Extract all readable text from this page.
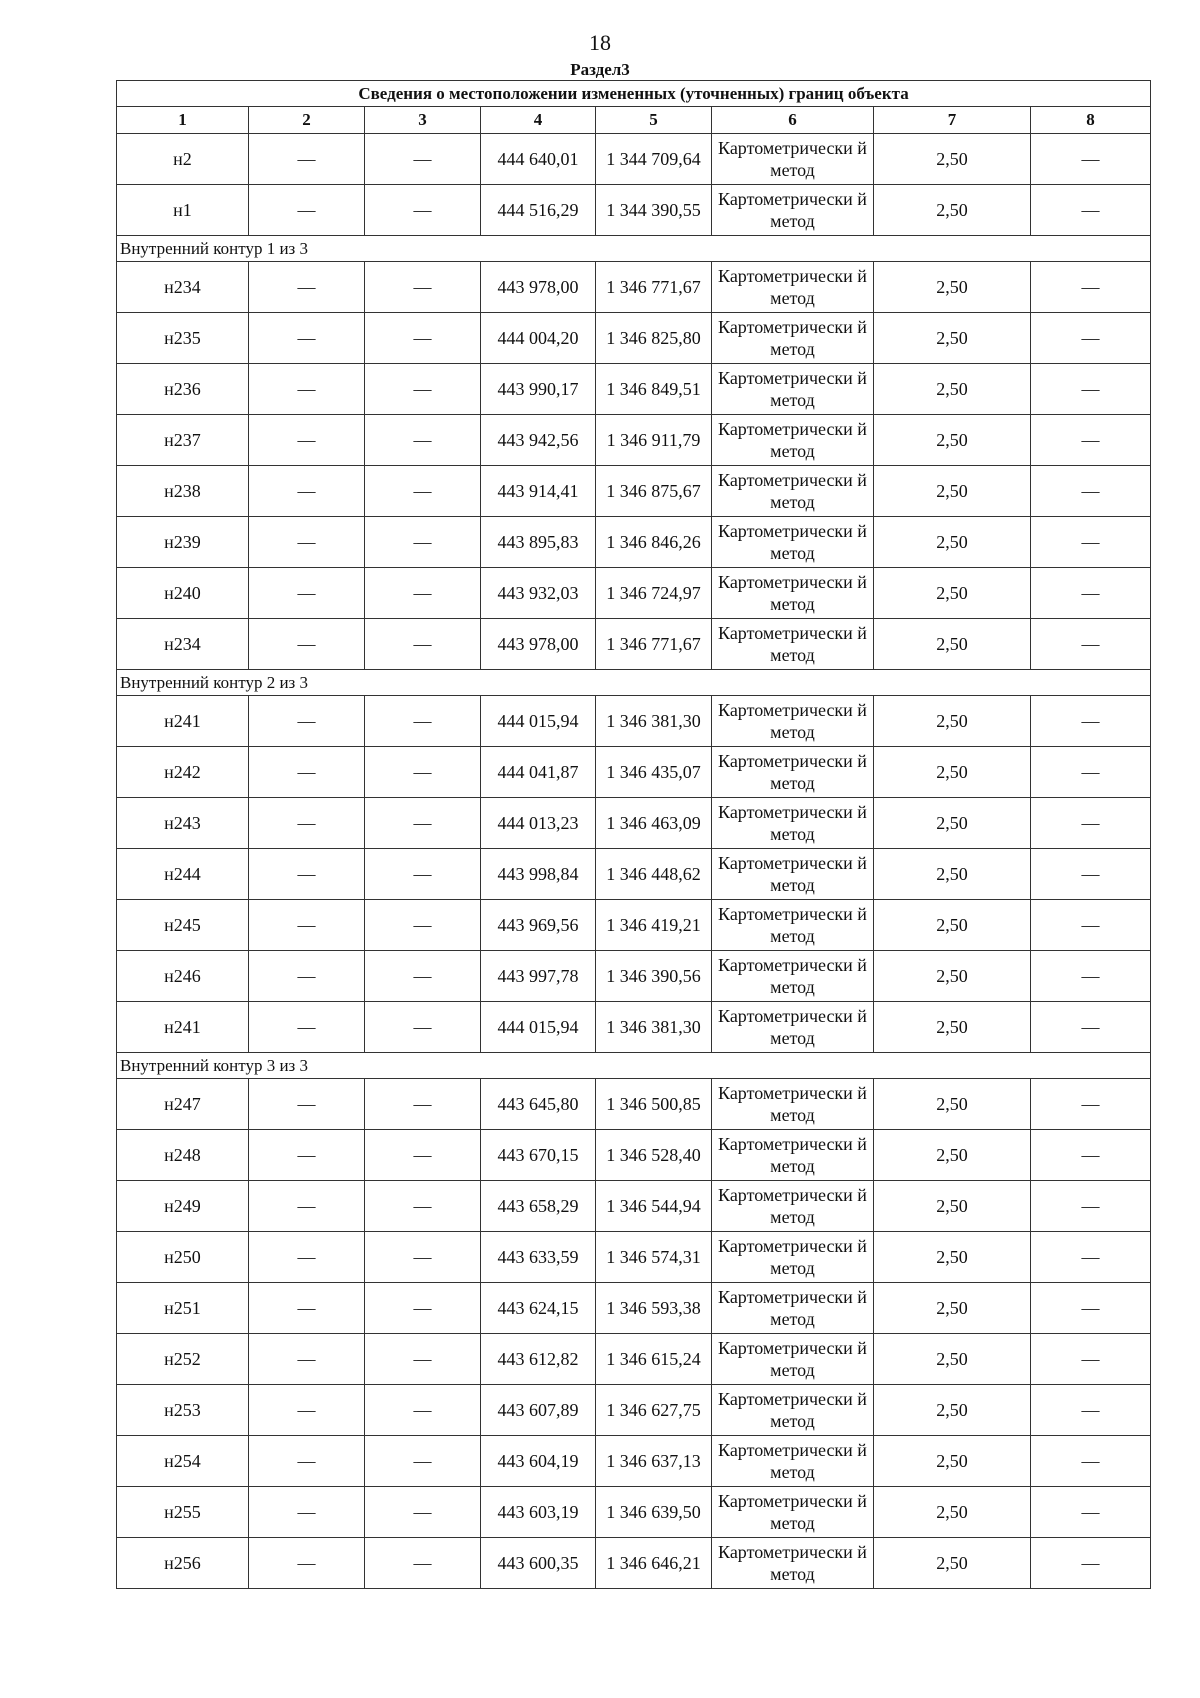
18
Раздел3
Сведения о местоположении измененных (уточненных) границ объекта							
1	2	3	4	5	6	7	8
н2	—	—	444 640,01	1 344 709,64	Картометрически й метод	2,50	—
н1	—	—	444 516,29	1 344 390,55	Картометрически й метод	2,50	—
Внутренний контур 1 из 3							
н234	—	—	443 978,00	1 346 771,67	Картометрически й метод	2,50	—
н235	—	—	444 004,20	1 346 825,80	Картометрически й метод	2,50	—
н236	—	—	443 990,17	1 346 849,51	Картометрически й метод	2,50	—
н237	—	—	443 942,56	1 346 911,79	Картометрически й метод	2,50	—
н238	—	—	443 914,41	1 346 875,67	Картометрически й метод	2,50	—
н239	—	—	443 895,83	1 346 846,26	Картометрически й метод	2,50	—
н240	—	—	443 932,03	1 346 724,97	Картометрически й метод	2,50	—
н234	—	—	443 978,00	1 346 771,67	Картометрически й метод	2,50	—
Внутренний контур 2 из 3							
н241	—	—	444 015,94	1 346 381,30	Картометрически й метод	2,50	—
н242	—	—	444 041,87	1 346 435,07	Картометрически й метод	2,50	—
н243	—	—	444 013,23	1 346 463,09	Картометрически й метод	2,50	—
н244	—	—	443 998,84	1 346 448,62	Картометрически й метод	2,50	—
н245	—	—	443 969,56	1 346 419,21	Картометрически й метод	2,50	—
н246	—	—	443 997,78	1 346 390,56	Картометрически й метод	2,50	—
н241	—	—	444 015,94	1 346 381,30	Картометрически й метод	2,50	—
Внутренний контур 3 из 3							
н247	—	—	443 645,80	1 346 500,85	Картометрически й метод	2,50	—
н248	—	—	443 670,15	1 346 528,40	Картометрически й метод	2,50	—
н249	—	—	443 658,29	1 346 544,94	Картометрически й метод	2,50	—
н250	—	—	443 633,59	1 346 574,31	Картометрически й метод	2,50	—
н251	—	—	443 624,15	1 346 593,38	Картометрически й метод	2,50	—
н252	—	—	443 612,82	1 346 615,24	Картометрически й метод	2,50	—
н253	—	—	443 607,89	1 346 627,75	Картометрически й метод	2,50	—
н254	—	—	443 604,19	1 346 637,13	Картометрически й метод	2,50	—
н255	—	—	443 603,19	1 346 639,50	Картометрически й метод	2,50	—
н256	—	—	443 600,35	1 346 646,21	Картометрически й метод	2,50	—
